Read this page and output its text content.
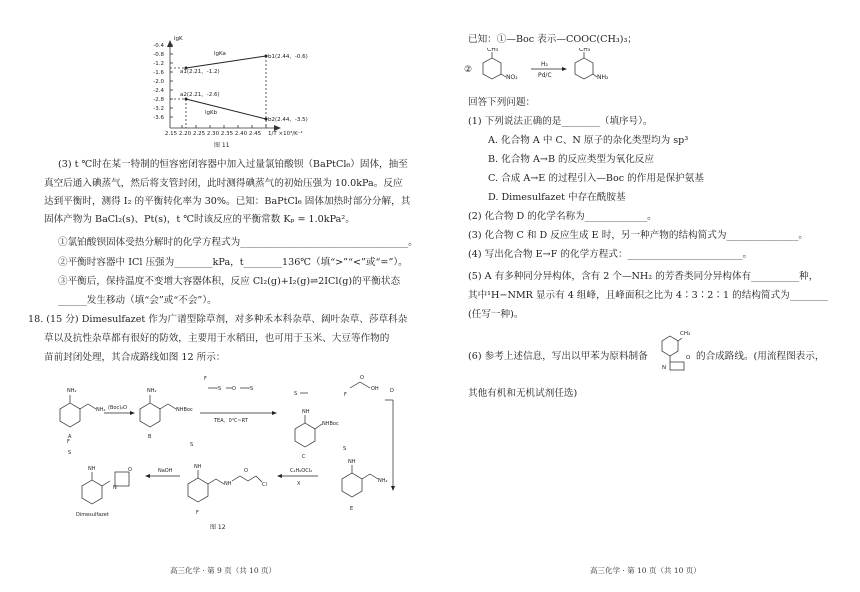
-0.4
-0.8
-1.2
-1.6
-2.0
-2.4
-2.8
-3.2
-3.6
2.15 2.20 2.25 2.30 2.35 2.40 2.45 1/T ×10³/K⁻¹
lgK
lgKa
lgKb
a1(2.21，-1.2)
b1(2.44，-0.6)
a2(2.21，-2.6)
b2(2.44，-3.5)
图 11
(3) t ℃时在某一特制的恒容密闭容器中加入过量氯铂酸钡（BaPtCl₆）固体，抽至
真空后通入碘蒸气，然后将支管封闭，此时测得碘蒸气的初始压强为 10.0kPa。反应
达到平衡时，测得 I₂ 的平衡转化率为 30%。已知：BaPtCl₆ 固体加热时部分分解，其
固体产物为 BaCl₂(s)、Pt(s)，t ℃时该反应的平衡常数 Kₚ = 1.0kPa²。
①氯铂酸钡固体受热分解时的化学方程式为___________________________________。
②平衡时容器中 ICl 压强为________kPa，t________136℃（填“>”“<”或“=”）。
③平衡后，保持温度不变增大容器体积，反应 Cl₂(g)+I₂(g)⇌2ICl(g)的平衡状态
______发生移动（填“会”或“不会”）。
18. (15 分) Dimesulfazet 作为广谱型除草剂，对多种禾本科杂草、阔叶杂草、莎草科杂
草以及抗性杂草都有很好的防效，主要用于水稻田，也可用于玉米、大豆等作物的
苗前封闭处理，其合成路线如图 12 所示：
NH₂
NH₂
NH₂
NHBoc
(Boc)₂O
TEA，0℃~RT
S O	S
F
S
NH
NHBoc
O
OH
F
NH
NH₂
S
C₄H₆OCl₂
X
NH
NH
O
Cl
S
NaOH
NH
N
O
S
F
A	B
C
D
E
F
Dimesulfazet
图 12
高三化学 · 第 9 页（共 10 页）
已知：①—Boc 表示—COOC(CH₃)₃；
②
CH₃
NO₂
H₂
Pd/C
CH₃
NH₂
回答下列问题：
(1) 下列说法正确的是________（填序号）。
A. 化合物 A 中 C、N 原子的杂化类型均为 sp³
B. 化合物 A→B 的反应类型为氧化反应
C. 合成 A→E 的过程引入—Boc 的作用是保护氨基
D. Dimesulfazet 中存在酰胺基
(2) 化合物 D 的化学名称为_____________。
(3) 化合物 C 和 D 反应生成 E 时，另一种产物的结构简式为_______________。
(4) 写出化合物 E→F 的化学方程式：________________________。
(5) A 有多种同分异构体，含有 2 个—NH₂ 的芳香类同分异构体有__________种，
其中¹H−NMR 显示有 4 组峰，且峰面积之比为 4∶3∶2∶1 的结构简式为________
(任写一种)。
(6) 参考上述信息，写出以甲苯为原料制备
CH₃
O
N
的合成路线。(用流程图表示，
其他有机和无机试剂任选)
高三化学 · 第 10 页（共 10 页）
